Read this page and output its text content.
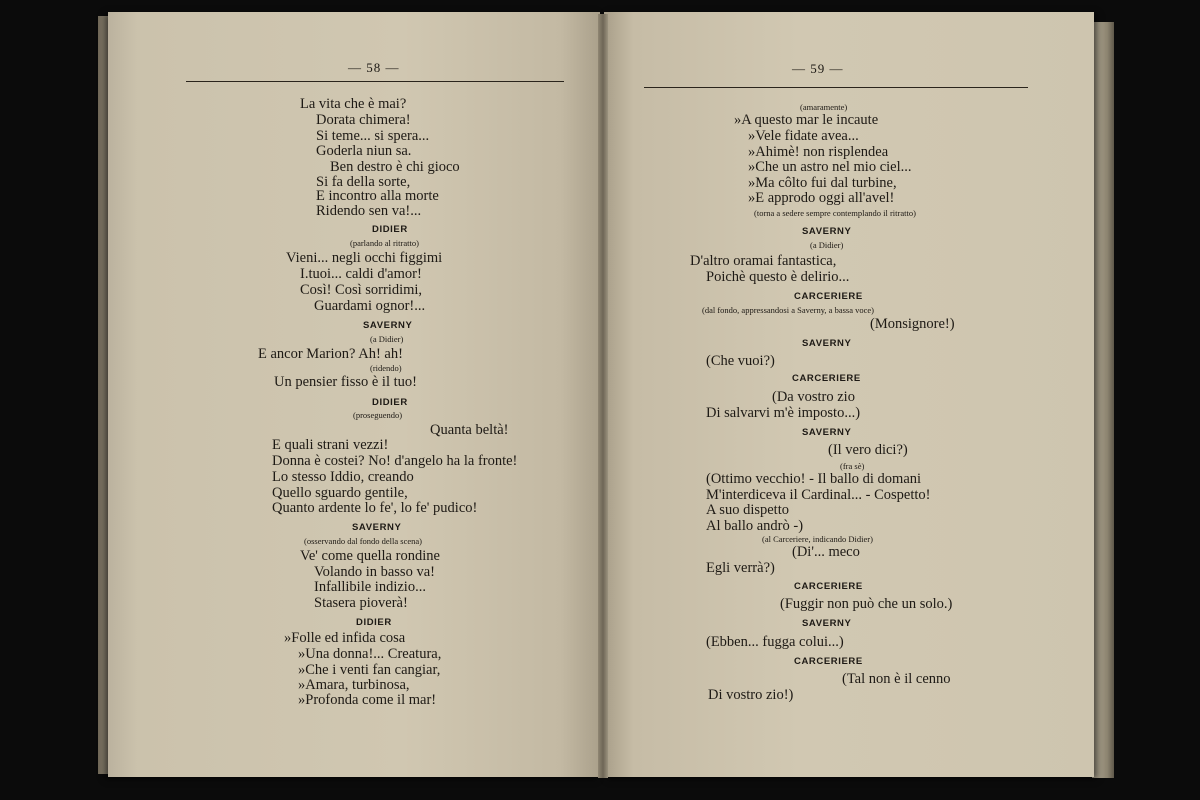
— 58 —
La vita che è mai?
Dorata chimera!
Si teme... si spera...
Goderla niun sa.
Ben destro è chi gioco
Si fa della sorte,
E incontro alla morte
Ridendo sen va!...
DIDIER
(parlando al ritratto)
Vieni... negli occhi figgimi
I.tuoi... caldi d'amor!
Così! Così sorridimi,
Guardami ognor!...
SAVERNY
(a Didier)
E ancor Marion? Ah! ah!
(ridendo)
Un pensier fisso è il tuo!
DIDIER
(proseguendo)
Quanta beltà!
E quali strani vezzi!
Donna è costei? No! d'angelo ha la fronte!
Lo stesso Iddio, creando
Quello sguardo gentile,
Quanto ardente lo fe', lo fe' pudico!
SAVERNY
(osservando dal fondo della scena)
Ve' come quella rondine
Volando in basso va!
Infallibile indizio...
Stasera pioverà!
DIDIER
»Folle ed infida cosa
»Una donna!... Creatura,
»Che i venti fan cangiar,
»Amara, turbinosa,
»Profonda come il mar!
— 59 —
(amaramente)
»A questo mar le incaute
»Vele fidate avea...
»Ahimè! non risplendea
»Che un astro nel mio ciel...
»Ma côlto fui dal turbine,
»E approdo oggi all'avel!
(torna a sedere sempre contemplando il ritratto)
SAVERNY
(a Didier)
D'altro oramai fantastica,
Poichè questo è delirio...
CARCERIERE
(dal fondo, appressandosi a Saverny, a bassa voce)
(Monsignore!)
SAVERNY
(Che vuoi?)
CARCERIERE
(Da vostro zio
Di salvarvi m'è imposto...)
SAVERNY
(Il vero dici?)
(fra sè)
(Ottimo vecchio! - Il ballo di domani
M'interdiceva il Cardinal... - Cospetto!
A suo dispetto
Al ballo andrò -)
(al Carceriere, indicando Didier)
(Di'... meco
Egli verrà?)
CARCERIERE
(Fuggir non può che un solo.)
SAVERNY
(Ebben... fugga colui...)
CARCERIERE
(Tal non è il cenno
Di vostro zio!)
